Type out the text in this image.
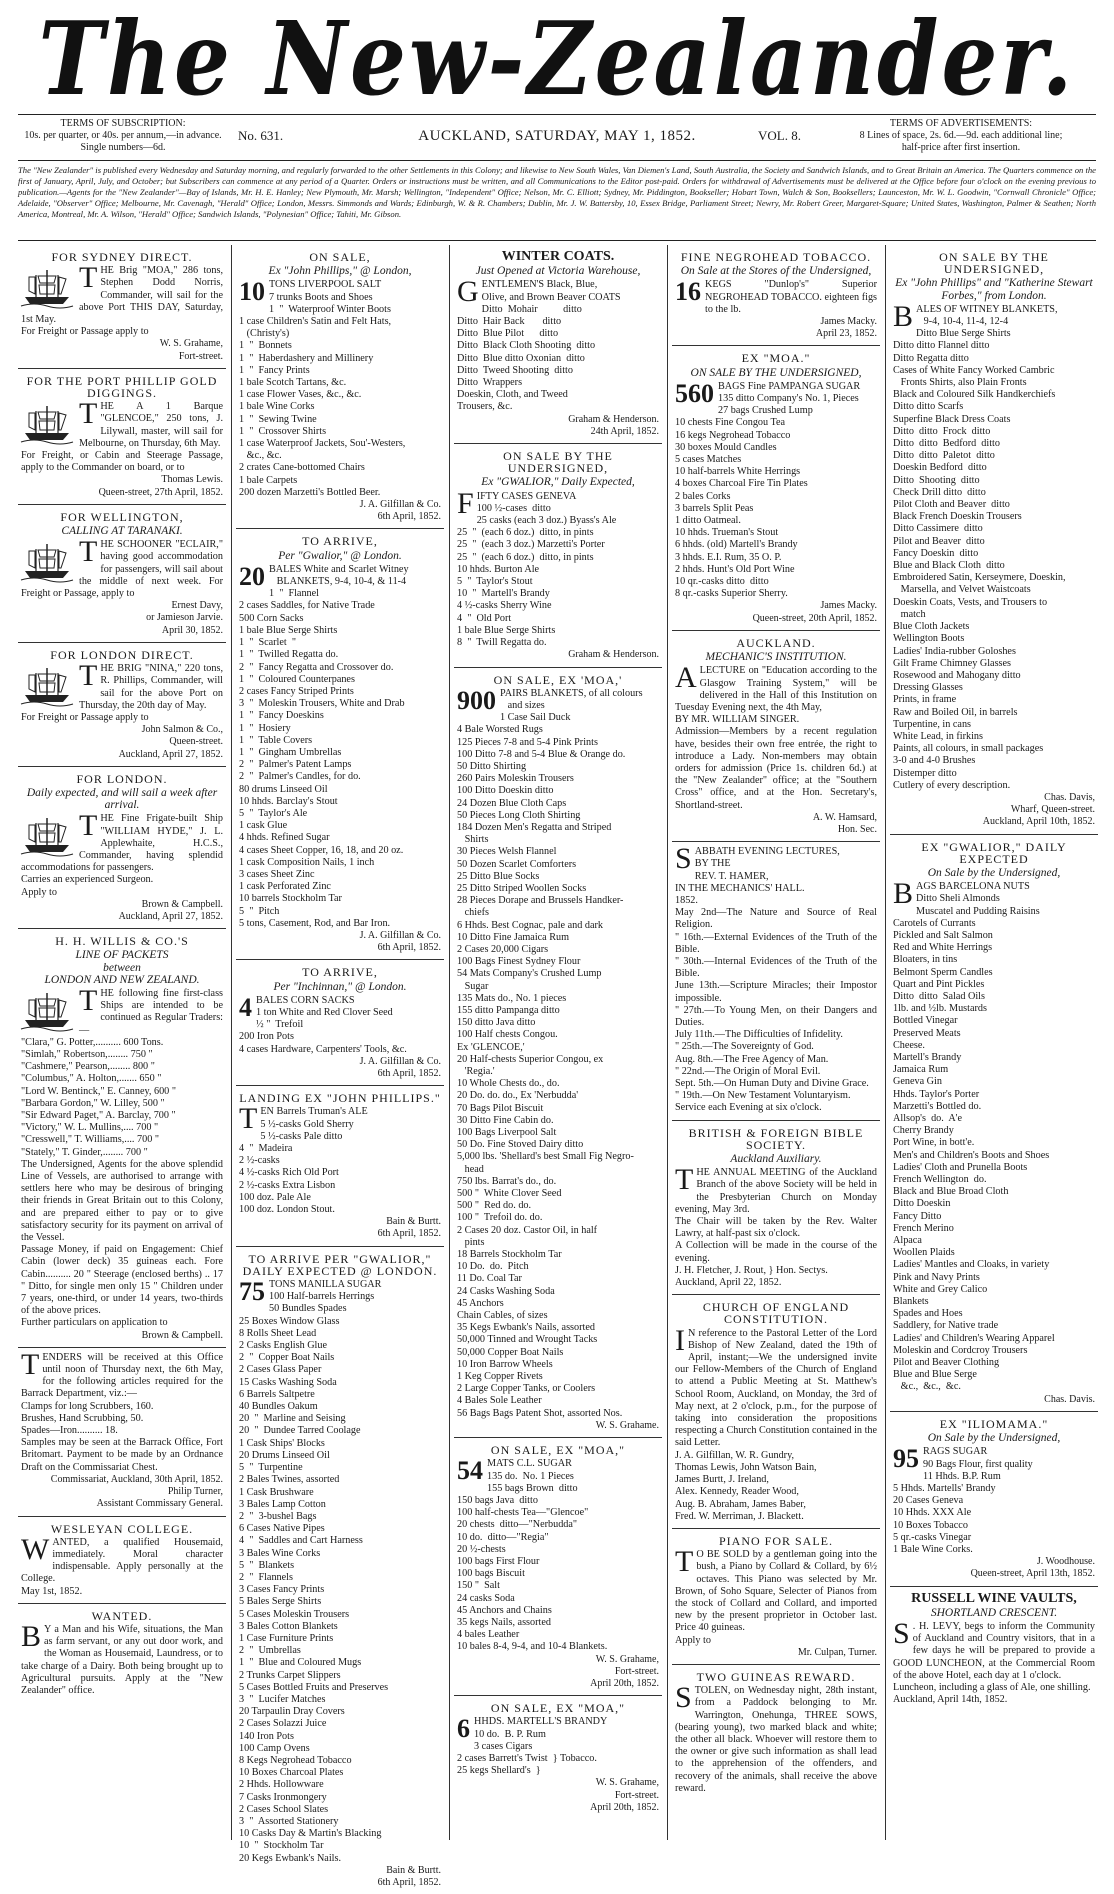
The New-Zealander.
TERMS OF SUBSCRIPTION:
10s. per quarter, or 40s. per annum,—in advance.
Single numbers—6d.
No. 631.	AUCKLAND, SATURDAY, MAY 1, 1852.	VOL. 8.
TERMS OF ADVERTISEMENTS:
8 Lines of space, 2s. 6d.—9d. each additional line;
half-price after first insertion.
The "New Zealander" is published every Wednesday and Saturday morning, and regularly forwarded to the other Settlements in this Colony; and likewise to New South Wales, Van Diemen's Land, South Australia, the Society and Sandwich Islands, and to Great Britain an America. The Quarters commence on the first of January, April, July, and October; but Subscribers can commence at any period of a Quarter. Orders or instructions must be written, and all Communications to the Editor post-paid. Orders for withdrawal of Advertisements must be delivered at the Office before four o'clock on the evening previous to publication.—Agents for the "New Zealander"—Bay of Islands, Mr. H. E. Hanley; New Plymouth, Mr. Marsh; Wellington, "Independent" Office; Nelson, Mr. C. Elliott; Sydney, Mr. Piddington, Bookseller; Hobart Town, Walch & Son, Booksellers; Launceston, Mr. W. L. Goodwin, "Cornwall Chronicle" Office; Adelaide, "Observer" Office; Melbourne, Mr. Cavenagh, "Herald" Office; London, Messrs. Simmonds and Wards; Edinburgh, W. & R. Chambers; Dublin, Mr. J. W. Battersby, 10, Essex Bridge, Parliament Street; Newry, Mr. Robert Greer, Margaret-Square; United States, Washington, Palmer & Seathen; North America, Montreal, Mr. A. Wilson, "Herald" Office; Sandwich Islands, "Polynesian" Office; Tahiti, Mr. Gibson.
FOR SYDNEY DIRECT.
T HE Brig "MOA," 286 tons, Stephen Dodd Norris, Commander, will sail for the above Port THIS DAY, Saturday, 1st May.
For Freight or Passage apply to
W. S. Grahame,
Fort-street.
FOR THE PORT PHILLIP GOLD DIGGINGS.
T HE A 1 Barque "GLENCOE," 250 tons, J. Lilywall, master, will sail for Melbourne, on Thursday, 6th May.
For Freight, or Cabin and Steerage Passage, apply to the Commander on board, or to
Thomas Lewis.
Queen-street, 27th April, 1852.
FOR WELLINGTON,
CALLING AT TARANAKI.
T HE SCHOONER "ECLAIR," having good accommodation for passengers, will sail about the middle of next week. For Freight or Passage, apply to
Ernest Davy,
or Jamieson Jarvie.
April 30, 1852.
FOR LONDON DIRECT.
T HE BRIG "NINA," 220 tons, R. Phillips, Commander, will sail for the above Port on Thursday, the 20th day of May.
For Freight or Passage apply to
John Salmon & Co.,
Queen-street.
Auckland, April 27, 1852.
FOR LONDON.
Daily expected, and will sail a week after arrival.
T HE Fine Frigate-built Ship "WILLIAM HYDE," J. L. Applewhaite, H.C.S., Commander, having splendid accommodations for passengers.
Carries an experienced Surgeon.
Apply to
Brown & Campbell.
Auckland, April 27, 1852.
H. H. WILLIS & CO.'S
LINE OF PACKETS
between
LONDON AND NEW ZEALAND.
T HE following fine first-class Ships are intended to be continued as Regular Traders:—
"Clara," G. Potter,.......... 600 Tons.
"Simlah," Robertson,........ 750 "
"Cashmere," Pearson,........ 800 "
"Columbus," A. Holton,....... 650 "
"Lord W. Bentinck," E. Canney, 600 "
"Barbara Gordon," W. Lilley, 500 "
"Sir Edward Paget," A. Barclay, 700 "
"Victory," W. L. Mullins,.... 700 "
"Cresswell," T. Williams,.... 700 "
"Stately," T. Ginder,........ 700 "
The Undersigned, Agents for the above splendid Line of Vessels, are authorised to arrange with settlers here who may be desirous of bringing their friends in Great Britain out to this Colony, and are prepared either to pay or to give satisfactory security for its payment on arrival of the Vessel.
Passage Money, if paid on Engagement: Chief Cabin (lower deck) 35 guineas each. Fore Cabin.......... 20 " Steerage (enclosed berths) .. 17 " Ditto, for single men only 15 " Children under 7 years, one-third, or under 14 years, two-thirds of the above prices.
Further particulars on application to
Brown & Campbell.
T ENDERS will be received at this Office until noon of Thursday next, the 6th May, for the following articles required for the Barrack Department, viz.:—
Clamps for long Scrubbers, 160.
Brushes, Hand Scrubbing, 50.
Spades—Iron.......... 18.
Samples may be seen at the Barrack Office, Fort Britomart. Payment to be made by an Ordnance Draft on the Commissariat Chest.
Commissariat, Auckland, 30th April, 1852.
Philip Turner,
Assistant Commissary General.
WESLEYAN COLLEGE.
W ANTED, a qualified Housemaid, immediately. Moral character indispensable. Apply personally at the College.
May 1st, 1852.
WANTED.
B Y a Man and his Wife, situations, the Man as farm servant, or any out door work, and the Woman as Housemaid, Laundress, or to take charge of a Dairy. Both being brought up to Agricultural pursuits. Apply at the "New Zealander" office.
ON SALE,
Ex "John Phillips," @ London,
10 TONS LIVERPOOL SALT
7 trunks Boots and Shoes
1  "  Waterproof Winter Boots
1 case Children's Satin and Felt Hats,
(Christy's)
1  "  Bonnets
1  "  Haberdashery and Millinery
1  "  Fancy Prints
1 bale Scotch Tartans, &c.
1 case Flower Vases, &c., &c.
1 bale Wine Corks
1  "  Sewing Twine
1  "  Crossover Shirts
1 case Waterproof Jackets, Sou'-Westers,
&c., &c.
2 crates Cane-bottomed Chairs
1 bale Carpets
200 dozen Marzetti's Bottled Beer.
J. A. Gilfillan & Co.
6th April, 1852.
TO ARRIVE,
Per "Gwalior," @ London.
20 BALES White and Scarlet Witney
BLANKETS, 9-4, 10-4, & 11-4
1  "  Flannel
2 cases Saddles, for Native Trade
500 Corn Sacks
1 bale Blue Serge Shirts
1  "  Scarlet  "
1  "  Twilled Regatta do.
2  "  Fancy Regatta and Crossover do.
1  "  Coloured Counterpanes
2 cases Fancy Striped Prints
3  "  Moleskin Trousers, White and Drab
1  "  Fancy Doeskins
1  "  Hosiery
1  "  Table Covers
1  "  Gingham Umbrellas
2  "  Palmer's Patent Lamps
2  "  Palmer's Candles, for do.
80 drums Linseed Oil
10 hhds. Barclay's Stout
5  "  Taylor's Ale
1 cask Glue
4 hhds. Refined Sugar
4 cases Sheet Copper, 16, 18, and 20 oz.
1 cask Composition Nails, 1 inch
3 cases Sheet Zinc
1 cask Perforated Zinc
10 barrels Stockholm Tar
5  "  Pitch
5 tons, Casement, Rod, and Bar Iron.
J. A. Gilfillan & Co.
6th April, 1852.
TO ARRIVE,
Per "Inchinnan," @ London.
4 BALES CORN SACKS
1 ton White and Red Clover Seed
½ "  Trefoil
200 Iron Pots
4 cases Hardware, Carpenters' Tools, &c.
J. A. Gilfillan & Co.
6th April, 1852.
LANDING EX "JOHN PHILLIPS."
T EN Barrels Truman's ALE
5 ½-casks Gold Sherry
5 ½-casks Pale ditto
4  "  Madeira
2 ½-casks
4 ½-casks Rich Old Port
2 ½-casks Extra Lisbon
100 doz. Pale Ale
100 doz. London Stout.
Bain & Burtt.
6th April, 1852.
TO ARRIVE PER "GWALIOR," DAILY EXPECTED @ LONDON.
75 TONS MANILLA SUGAR
100 Half-barrels Herrings
50 Bundles Spades
25 Boxes Window Glass
8 Rolls Sheet Lead
2 Casks English Glue
2  "  Copper Boat Nails
2 Cases Glass Paper
15 Casks Washing Soda
6 Barrels Saltpetre
40 Bundles Oakum
20  "  Marline and Seising
20  "  Dundee Tarred Coolage
1 Cask Ships' Blocks
20 Drums Linseed Oil
5  "  Turpentine
2 Bales Twines, assorted
1 Cask Brushware
3 Bales Lamp Cotton
2  "  3-bushel Bags
6 Cases Native Pipes
4  "  Saddles and Cart Harness
3 Bales Wine Corks
5  "  Blankets
2  "  Flannels
3 Cases Fancy Prints
5 Bales Serge Shirts
5 Cases Moleskin Trousers
3 Bales Cotton Blankets
1 Case Furniture Prints
2  "  Umbrellas
1  "  Blue and Coloured Mugs
2 Trunks Carpet Slippers
5 Cases Bottled Fruits and Preserves
3  "  Lucifer Matches
20 Tarpaulin Dray Covers
2 Cases Solazzi Juice
140 Iron Pots
100 Camp Ovens
8 Kegs Negrohead Tobacco
10 Boxes Charcoal Plates
2 Hhds. Hollowware
7 Casks Ironmongery
2 Cases School Slates
3  "  Assorted Stationery
10 Casks Day & Martin's Blacking
10  "  Stockholm Tar
20 Kegs Ewbank's Nails.
Bain & Burtt.
6th April, 1852.
WINTER COATS.
Just Opened at Victoria Warehouse,
G ENTLEMEN'S Black, Blue,
Olive, and Brown Beaver COATS
Ditto  Mohair          ditto
Ditto  Hair Back       ditto
Ditto  Blue Pilot      ditto
Ditto  Black Cloth Shooting  ditto
Ditto  Blue ditto Oxonian  ditto
Ditto  Tweed Shooting  ditto
Ditto  Wrappers
Doeskin, Cloth, and Tweed
Trousers, &c.
Graham & Henderson.
24th April, 1852.
ON SALE BY THE UNDERSIGNED,
Ex "GWALIOR," Daily Expected,
F IFTY CASES GENEVA
100 ½-cases  ditto
25 casks (each 3 doz.) Byass's Ale
25  "  (each 6 doz.)  ditto, in pints
25  "  (each 3 doz.) Marzetti's Porter
25  "  (each 6 doz.)  ditto, in pints
10 hhds. Burton Ale
5  "  Taylor's Stout
10  "  Martell's Brandy
4 ½-casks Sherry Wine
4  "  Old Port
1 bale Blue Serge Shirts
8  "  Twill Regatta do.
Graham & Henderson.
ON SALE, EX 'MOA,'
900 PAIRS BLANKETS, of all colours
and sizes
1 Case Sail Duck
4 Bale Worsted Rugs
125 Pieces 7-8 and 5-4 Pink Prints
100 Ditto 7-8 and 5-4 Blue & Orange do.
50 Ditto Shirting
260 Pairs Moleskin Trousers
100 Ditto Doeskin ditto
24 Dozen Blue Cloth Caps
50 Pieces Long Cloth Shirting
184 Dozen Men's Regatta and Striped
Shirts
30 Pieces Welsh Flannel
50 Dozen Scarlet Comforters
25 Ditto Blue Socks
25 Ditto Striped Woollen Socks
28 Pieces Dorape and Brussels Handker-
chiefs
6 Hhds. Best Cognac, pale and dark
10 Ditto Fine Jamaica Rum
2 Cases 20,000 Cigars
100 Bags Finest Sydney Flour
54 Mats Company's Crushed Lump
Sugar
135 Mats do., No. 1 pieces
155 ditto Pampanga ditto
150 ditto Java ditto
100 Half chests Congou.
Ex 'GLENCOE,'
20 Half-chests Superior Congou, ex
'Regia.'
10 Whole Chests do., do.
20 Do. do. do., Ex 'Nerbudda'
70 Bags Pilot Biscuit
30 Ditto Fine Cabin do.
100 Bags Liverpool Salt
50 Do. Fine Stoved Dairy ditto
5,000 lbs. 'Shellard's best Small Fig Negro-
head
750 lbs. Barrat's do., do.
500 "  White Clover Seed
500 "  Red do. do.
100 "  Trefoil do. do.
2 Cases 20 doz. Castor Oil, in half
pints
18 Barrels Stockholm Tar
10 Do.  do.  Pitch
11 Do. Coal Tar
24 Casks Washing Soda
45 Anchors
Chain Cables, of sizes
35 Kegs Ewbank's Nails, assorted
50,000 Tinned and Wrought Tacks
50,000 Copper Boat Nails
10 Iron Barrow Wheels
1 Keg Copper Rivets
2 Large Copper Tanks, or Coolers
4 Bales Sole Leather
56 Bags Bags Patent Shot, assorted Nos.
W. S. Grahame.
ON SALE, EX "MOA,"
54 MATS C.L. SUGAR
135 do.  No. 1 Pieces
155 bags Brown  ditto
150 bags Java  ditto
100 half-chests Tea—"Glencoe"
20 chests  ditto—"Nerbudda"
10 do.  ditto—"Regia"
20 ½-chests
100 bags First Flour
100 bags Biscuit
150 "  Salt
24 casks Soda
45 Anchors and Chains
35 kegs Nails, assorted
4 bales Leather
10 bales 8-4, 9-4, and 10-4 Blankets.
W. S. Grahame,
Fort-street.
April 20th, 1852.
ON SALE, EX "MOA,"
6 HHDS. MARTELL'S BRANDY
10 do.  B. P. Rum
3 cases Cigars
2 cases Barrett's Twist  } Tobacco.
25 kegs Shellard's  }
W. S. Grahame,
Fort-street.
April 20th, 1852.
FINE NEGROHEAD TOBACCO.
On Sale at the Stores of the Undersigned,
16 KEGS "Dunlop's" Superior NEGROHEAD TOBACCO. eighteen figs to the lb.
James Macky.
April 23, 1852.
EX "MOA."
ON SALE BY THE UNDERSIGNED,
560 BAGS Fine PAMPANGA SUGAR
135 ditto Company's No. 1, Pieces
27 bags Crushed Lump
10 chests Fine Congou Tea
16 kegs Negrohead Tobacco
30 boxes Mould Candles
5 cases Matches
10 half-barrels White Herrings
4 boxes Charcoal Fire Tin Plates
2 bales Corks
3 barrels Split Peas
1 ditto Oatmeal.
10 hhds. Trueman's Stout
6 hhds. (old) Martell's Brandy
3 hhds. E.I. Rum, 35 O. P.
2 hhds. Hunt's Old Port Wine
10 qr.-casks ditto  ditto
8 qr.-casks Superior Sherry.
James Macky.
Queen-street, 20th April, 1852.
AUCKLAND.
MECHANIC'S INSTITUTION.
A LECTURE on "Education according to the Glasgow Training System," will be delivered in the Hall of this Institution on Tuesday Evening next, the 4th May,
BY MR. WILLIAM SINGER.
Admission—Members by a recent regulation have, besides their own free entrée, the right to introduce a Lady. Non-members may obtain orders for admission (Price 1s. children 6d.) at the "New Zealander" office; at the "Southern Cross" office, and at the Hon. Secretary's, Shortland-street.
A. W. Hamsard,
Hon. Sec.
S ABBATH EVENING LECTURES,
BY THE
REV. T. HAMER,
IN THE MECHANICS' HALL.
1852.
May 2nd—The Nature and Source of Real Religion.
" 16th.—External Evidences of the Truth of the Bible.
" 30th.—Internal Evidences of the Truth of the Bible.
June 13th.—Scripture Miracles; their Impostor impossible.
" 27th.—To Young Men, on their Dangers and Duties.
July 11th.—The Difficulties of Infidelity.
" 25th.—The Sovereignty of God.
Aug. 8th.—The Free Agency of Man.
" 22nd.—The Origin of Moral Evil.
Sept. 5th.—On Human Duty and Divine Grace.
" 19th.—On New Testament Voluntaryism.
Service each Evening at six o'clock.
BRITISH & FOREIGN BIBLE SOCIETY.
Auckland Auxiliary.
T HE ANNUAL MEETING of the Auckland Branch of the above Society will be held in the Presbyterian Church on Monday evening, May 3rd.
The Chair will be taken by the Rev. Walter Lawry, at half-past six o'clock.
A Collection will be made in the course of the evening.
J. H. Fletcher, J. Rout, } Hon. Sectys.
Auckland, April 22, 1852.
CHURCH OF ENGLAND CONSTITUTION.
I N reference to the Pastoral Letter of the Lord Bishop of New Zealand, dated the 19th of April, instant;—We the undersigned invite our Fellow-Members of the Church of England to attend a Public Meeting at St. Matthew's School Room, Auckland, on Monday, the 3rd of May next, at 2 o'clock, p.m., for the purpose of taking into consideration the propositions respecting a Church Constitution contained in the said Letter.
J. A. Gilfillan, W. R. Gundry,
Thomas Lewis, John Watson Bain,
James Burtt, J. Ireland,
Alex. Kennedy, Reader Wood,
Aug. B. Abraham, James Baber,
Fred. W. Merriman, J. Blackett.
PIANO FOR SALE.
T O BE SOLD by a gentleman going into the bush, a Piano by Collard & Collard, by 6½ octaves. This Piano was selected by Mr. Brown, of Soho Square, Selecter of Pianos from the stock of Collard and Collard, and imported new by the present proprietor in October last. Price 40 guineas.
Apply to
Mr. Culpan, Turner.
TWO GUINEAS REWARD.
S TOLEN, on Wednesday night, 28th instant, from a Paddock belonging to Mr. Warrington, Onehunga, THREE SOWS, (bearing young), two marked black and white; the other all black. Whoever will restore them to the owner or give such information as shall lead to the apprehension of the offenders, and recovery of the animals, shall receive the above reward.
ON SALE BY THE UNDERSIGNED,
Ex "John Phillips" and "Katherine Stewart Forbes," from London.
B ALES OF WITNEY BLANKETS,
9-4, 10-4, 11-4, 12-4
Ditto Blue Serge Shirts
Ditto ditto Flannel ditto
Ditto Regatta ditto
Cases of White Fancy Worked Cambric
Fronts Shirts, also Plain Fronts
Black and Coloured Silk Handkerchiefs
Ditto ditto Scarfs
Superfine Black Dress Coats
Ditto  ditto  Frock  ditto
Ditto  ditto  Bedford  ditto
Ditto  ditto  Paletot  ditto
Doeskin Bedford  ditto
Ditto  Shooting  ditto
Check Drill ditto  ditto
Pilot Cloth and Beaver  ditto
Black French Doeskin Trousers
Ditto Cassimere  ditto
Pilot and Beaver  ditto
Fancy Doeskin  ditto
Blue and Black Cloth  ditto
Embroidered Satin, Kerseymere, Doeskin,
Marsella, and Velvet Waistcoats
Doeskin Coats, Vests, and Trousers to
match
Blue Cloth Jackets
Wellington Boots
Ladies' India-rubber Goloshes
Gilt Frame Chimney Glasses
Rosewood and Mahogany ditto
Dressing Glasses
Prints, in frame
Raw and Boiled Oil, in barrels
Turpentine, in cans
White Lead, in firkins
Paints, all colours, in small packages
3-0 and 4-0 Brushes
Distemper ditto
Cutlery of every description.
Chas. Davis,
Wharf, Queen-street.
Auckland, April 10th, 1852.
EX "GWALIOR," DAILY EXPECTED
On Sale by the Undersigned,
B AGS BARCELONA NUTS
Ditto Sheli Almonds
Muscatel and Pudding Raisins
Carotels of Currants
Pickled and Salt Salmon
Red and White Herrings
Bloaters, in tins
Belmont Sperm Candles
Quart and Pint Pickles
Ditto  ditto  Salad Oils
1lb. and ½lb. Mustards
Bottled Vinegar
Preserved Meats
Cheese.
Martell's Brandy
Jamaica Rum
Geneva Gin
Hhds. Taylor's Porter
Marzetti's Bottled do.
Allsop's  do.  A'e
Cherry Brandy
Port Wine, in bott'e.
Men's and Children's Boots and Shoes
Ladies' Cloth and Prunella Boots
French Wellington  do.
Black and Blue Broad Cloth
Ditto Doeskin
Fancy Ditto
French Merino
Alpaca
Woollen Plaids
Ladies' Mantles and Cloaks, in variety
Pink and Navy Prints
White and Grey Calico
Blankets
Spades and Hoes
Saddlery, for Native trade
Ladies' and Children's Wearing Apparel
Moleskin and Cordcroy Trousers
Pilot and Beaver Clothing
Blue and Blue Serge
&c.,  &c.,  &c.
Chas. Davis.
EX "ILIOMAMA."
On Sale by the Undersigned,
95 RAGS SUGAR
90 Bags Flour, first quality
11 Hhds. B.P. Rum
5 Hhds. Martells' Brandy
20 Cases Geneva
10 Hhds. XXX Ale
10 Boxes Tobacco
5 qr.-casks Vinegar
1 Bale Wine Corks.
J. Woodhouse.
Queen-street, April 13th, 1852.
RUSSELL WINE VAULTS,
SHORTLAND CRESCENT.
S . H. LEVY, begs to inform the Community of Auckland and Country visitors, that in a few days he will be prepared to provide a GOOD LUNCHEON, at the Commercial Room of the above Hotel, each day at 1 o'clock.
Luncheon, including a glass of Ale, one shilling.
Auckland, April 14th, 1852.
